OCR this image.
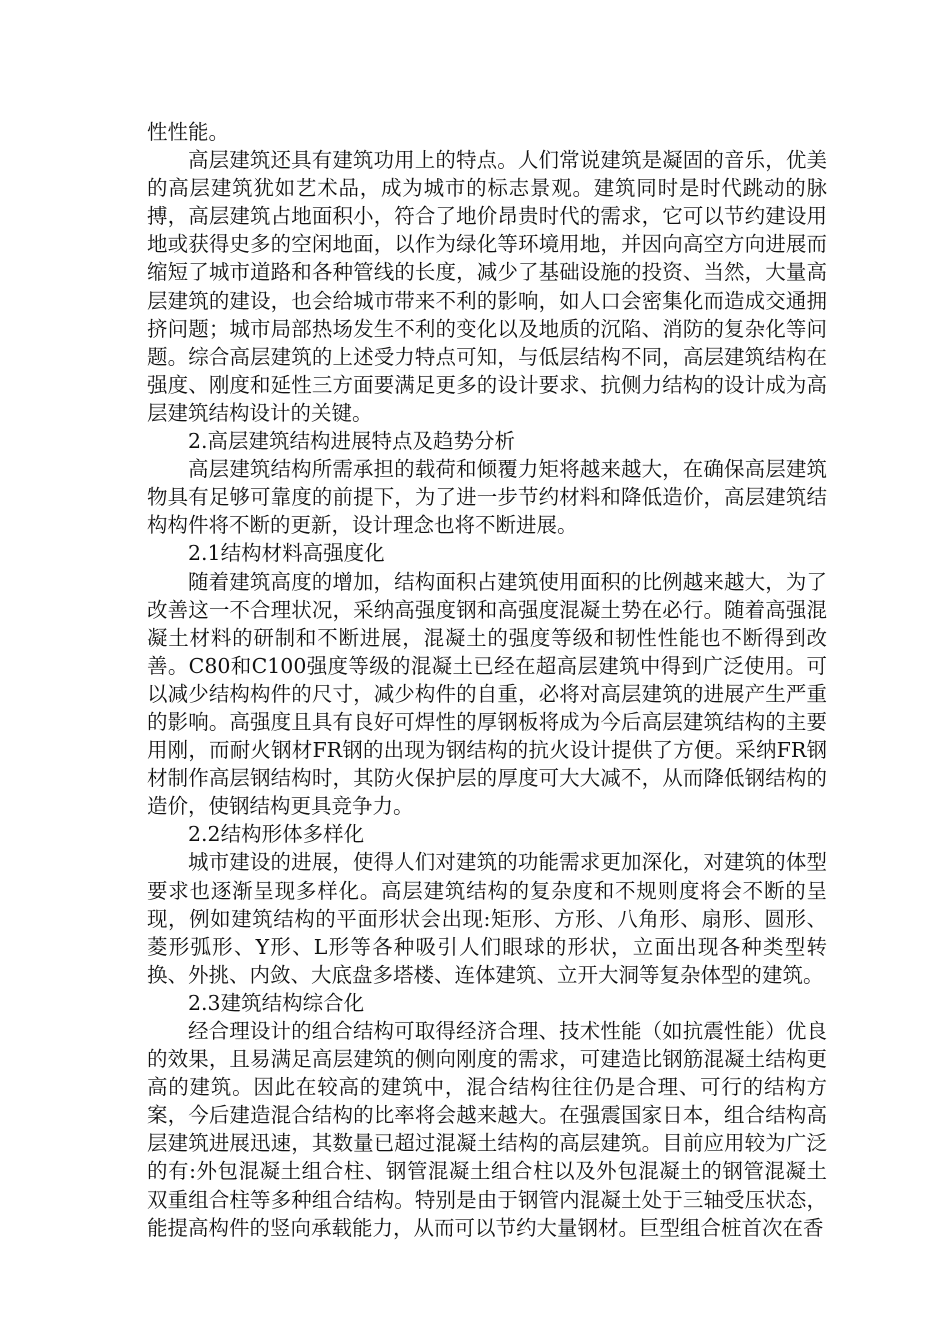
性性能。

高层建筑还具有建筑功用上的特点。人们常说建筑是凝固的音乐，优美的高层建筑犹如艺术品，成为城市的标志景观。建筑同时是时代跳动的脉搏，高层建筑占地面积小，符合了地价昂贵时代的需求，它可以节约建设用地或获得史多的空闲地面，以作为绿化等环境用地，并因向高空方向进展而缩短了城市道路和各种管线的长度，减少了基础设施的投资、当然，大量高层建筑的建设，也会给城市带来不利的影响，如人口会密集化而造成交通拥挤问题；城市局部热场发生不利的变化以及地质的沉陷、消防的复杂化等问题。综合高层建筑的上述受力特点可知，与低层结构不同，高层建筑结构在强度、刚度和延性三方面要满足更多的设计要求、抗侧力结构的设计成为高层建筑结构设计的关键。

2.高层建筑结构进展特点及趋势分析

高层建筑结构所需承担的载荷和倾覆力矩将越来越大，在确保高层建筑物具有足够可靠度的前提下，为了进一步节约材料和降低造价，高层建筑结构构件将不断的更新，设计理念也将不断进展。

2.1结构材料高强度化

随着建筑高度的增加，结构面积占建筑使用面积的比例越来越大，为了改善这一不合理状况，采纳高强度钢和高强度混凝土势在必行。随着高强混凝土材料的研制和不断进展，混凝土的强度等级和韧性性能也不断得到改善。C80和C100强度等级的混凝土已经在超高层建筑中得到广泛使用。可以减少结构构件的尺寸，减少构件的自重，必将对高层建筑的进展产生严重的影响。高强度且具有良好可焊性的厚钢板将成为今后高层建筑结构的主要用刚，而耐火钢材FR钢的出现为钢结构的抗火设计提供了方便。采纳FR钢材制作高层钢结构时，其防火保护层的厚度可大大减不，从而降低钢结构的造价，使钢结构更具竞争力。

2.2结构形体多样化

城市建设的进展，使得人们对建筑的功能需求更加深化，对建筑的体型要求也逐渐呈现多样化。高层建筑结构的复杂度和不规则度将会不断的呈现，例如建筑结构的平面形状会出现:矩形、方形、八角形、扇形、圆形、菱形弧形、Y形、L形等各种吸引人们眼球的形状，立面出现各种类型转换、外挑、内敛、大底盘多塔楼、连体建筑、立开大洞等复杂体型的建筑。

2.3建筑结构综合化

经合理设计的组合结构可取得经济合理、技术性能（如抗震性能）优良的效果，且易满足高层建筑的侧向刚度的需求，可建造比钢筋混凝土结构更高的建筑。因此在较高的建筑中，混合结构往往仍是合理、可行的结构方案，今后建造混合结构的比率将会越来越大。在强震国家日本，组合结构高层建筑进展迅速，其数量已超过混凝土结构的高层建筑。目前应用较为广泛的有:外包混凝土组合柱、钢管混凝土组合柱以及外包混凝土的钢管混凝土双重组合柱等多种组合结构。特别是由于钢管内混凝土处于三轴受压状态，能提高构件的竖向承载能力，从而可以节约大量钢材。巨型组合桩首次在香
